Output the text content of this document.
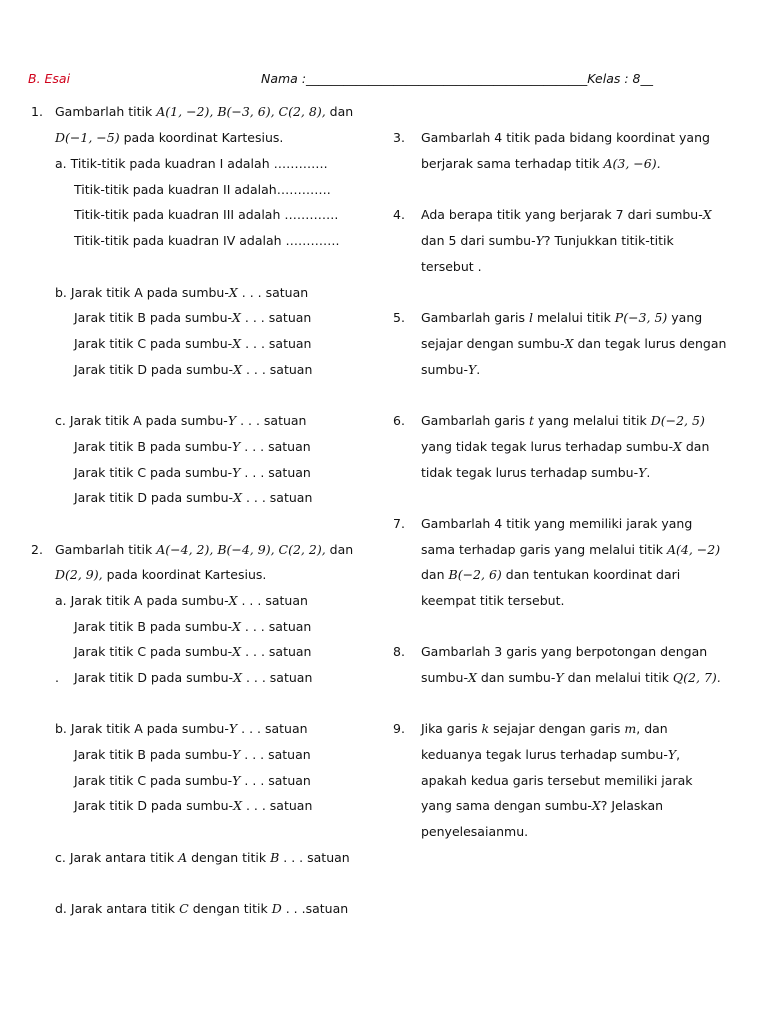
B. Esai	Nama :_____________________________________________Kelas : 8__
1. Gambarlah titik A(1, −2), B(−3, 6), C(2, 8), dan
D(−1, −5) pada koordinat Kartesius.
a. Titik-titik pada kuadran I adalah ………….
Titik-titik pada kuadran II adalah………….
Titik-titik pada kuadran III adalah ………….
Titik-titik pada kuadran IV adalah ………….
b. Jarak titik A pada sumbu-X . . . satuan
Jarak titik B pada sumbu-X . . . satuan
Jarak titik C pada sumbu-X . . . satuan
Jarak titik D pada sumbu-X . . . satuan
c. Jarak titik A pada sumbu-Y . . . satuan
Jarak titik B pada sumbu-Y . . . satuan
Jarak titik C pada sumbu-Y . . . satuan
Jarak titik D pada sumbu-X . . . satuan
2. Gambarlah titik A(−4, 2), B(−4, 9), C(2, 2), dan
D(2, 9), pada koordinat Kartesius.
a. Jarak titik A pada sumbu-X . . . satuan
Jarak titik B pada sumbu-X . . . satuan
Jarak titik C pada sumbu-X . . . satuan
. Jarak titik D pada sumbu-X . . . satuan
b. Jarak titik A pada sumbu-Y . . . satuan
Jarak titik B pada sumbu-Y . . . satuan
Jarak titik C pada sumbu-Y . . . satuan
Jarak titik D pada sumbu-X . . . satuan
c. Jarak antara titik A dengan titik B . . . satuan
d. Jarak antara titik C dengan titik D . . .satuan
3. Gambarlah 4 titik pada bidang koordinat yang
berjarak sama terhadap titik A(3, −6).
4. Ada berapa titik yang berjarak 7 dari sumbu-X
dan 5 dari sumbu-Y? Tunjukkan titik-titik
tersebut .
5. Gambarlah garis l melalui titik P(−3, 5) yang
sejajar dengan sumbu-X dan tegak lurus dengan
sumbu-Y.
6. Gambarlah garis t yang melalui titik D(−2, 5)
yang tidak tegak lurus terhadap sumbu-X dan
tidak tegak lurus terhadap sumbu-Y.
7. Gambarlah 4 titik yang memiliki jarak yang
sama terhadap garis yang melalui titik A(4, −2)
dan B(−2, 6) dan tentukan koordinat dari
keempat titik tersebut.
8. Gambarlah 3 garis yang berpotongan dengan
sumbu-X dan sumbu-Y dan melalui titik Q(2, 7).
9. Jika garis k sejajar dengan garis m, dan
keduanya tegak lurus terhadap sumbu-Y,
apakah kedua garis tersebut memiliki jarak
yang sama dengan sumbu-X? Jelaskan
penyelesaianmu.
